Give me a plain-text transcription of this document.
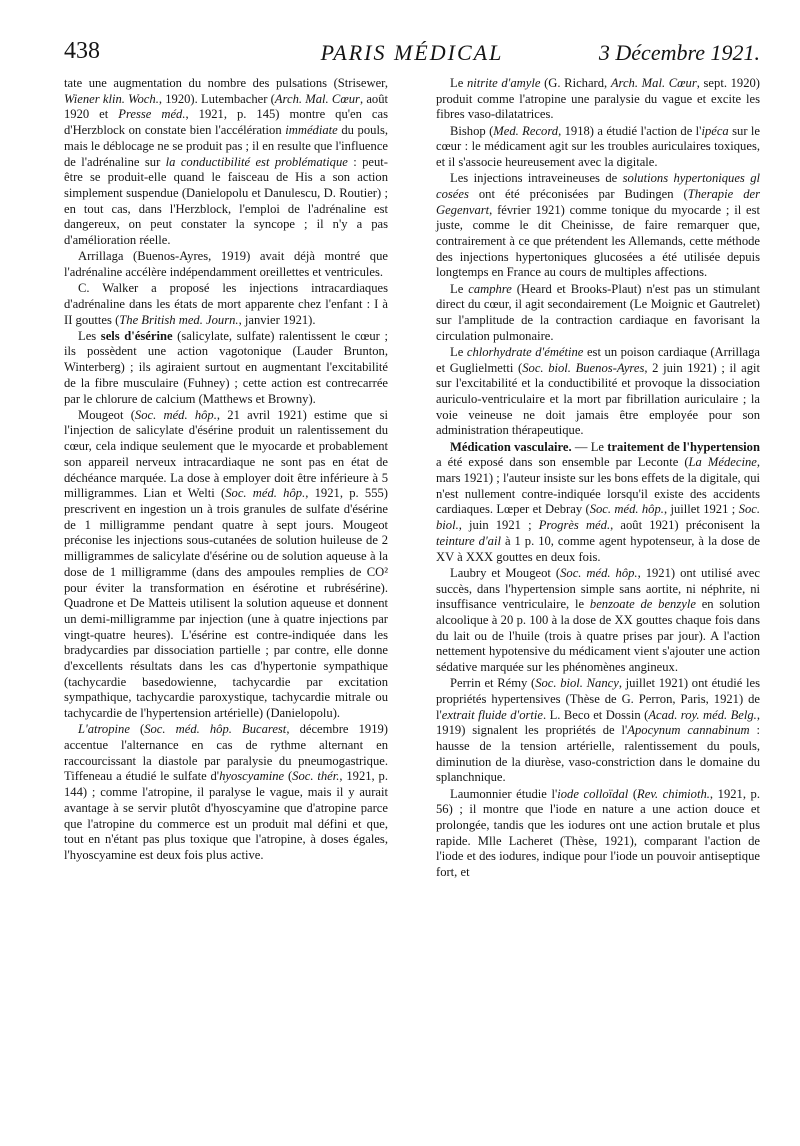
438	PARIS MÉDICAL	3 Décembre 1921.

tate une augmentation du nombre des pulsations (Strisewer, Wiener klin. Woch., 1920). Lutembacher (Arch. Mal. Cœur, août 1920 et Presse méd., 1921, p. 145) montre qu'en cas d'Herzblock on constate bien l'accélération immédiate du pouls, mais le déblocage ne se produit pas ; il en resulte que l'influence de l'adrénaline sur la conductibilité est problématique : peut-être se produit-elle quand le faisceau de His a son action simplement suspendue (Danielopolu et Danulescu, D. Routier) ; en tout cas, dans l'Herzblock, l'emploi de l'adrénaline est dangereux, on peut constater la syncope ; il n'y a pas d'amélioration réelle.

Arrillaga (Buenos-Ayres, 1919) avait déjà montré que l'adrénaline accélère indépendamment oreillettes et ventricules.

C. Walker a proposé les injections intracardiaques d'adrénaline dans les états de mort apparente chez l'enfant : I à II gouttes (The British med. Journ., janvier 1921).

Les sels d'ésérine (salicylate, sulfate) ralentissent le cœur ; ils possèdent une action vagotonique (Lauder Brunton, Winterberg) ; ils agiraient surtout en augmentant l'excitabilité de la fibre musculaire (Fuhney) ; cette action est contrecarrée par le chlorure de calcium (Matthews et Browny).

Mougeot (Soc. méd. hôp., 21 avril 1921) estime que si l'injection de salicylate d'ésérine produit un ralentissement du cœur, cela indique seulement que le myocarde et probablement son appareil nerveux intracardiaque ne sont pas en état de déchéance marquée. La dose à employer doit être inférieure à 5 milligrammes. Lian et Welti (Soc. méd. hôp., 1921, p. 555) prescrivent en ingestion un à trois granules de sulfate d'ésérine de 1 milligramme pendant quatre à sept jours. Mougeot préconise les injections sous-cutanées de solution huileuse de 2 milligrammes de salicylate d'ésérine ou de solution aqueuse à la dose de 1 milligramme (dans des ampoules remplies de CO² pour éviter la transformation en ésérotine et rubrésérine). Quadrone et De Matteis utilisent la solution aqueuse et donnent un demi-milligramme par injection (une à quatre injections par vingt-quatre heures). L'ésérine est contre-indiquée dans les bradycardies par dissociation partielle ; par contre, elle donne d'excellents résultats dans les cas d'hypertonie sympathique (tachycardie basedowienne, tachycardie par excitation sympathique, tachycardie paroxystique, tachycardie mitrale ou tachycardie de l'hypertension artérielle) (Danielopolu).

L'atropine (Soc. méd. hôp. Bucarest, décembre 1919) accentue l'alternance en cas de rythme alternant en raccourcissant la diastole par paralysie du pneumogastrique. Tiffeneau a étudié le sulfate d'hyoscyamine (Soc. thér., 1921, p. 144) ; comme l'atropine, il paralyse le vague, mais il y aurait avantage à se servir plutôt d'hyoscyamine que d'atropine parce que l'atropine du commerce est un produit mal défini et que, tout en n'étant pas plus toxique que l'atropine, à doses égales, l'hyoscyamine est deux fois plus active.

Le nitrite d'amyle (G. Richard, Arch. Mal. Cœur, sept. 1920) produit comme l'atropine une paralysie du vague et excite les fibres vaso-dilatatrices.

Bishop (Med. Record, 1918) a étudié l'action de l'ipéca sur le cœur : le médicament agit sur les troubles auriculaires toxiques, et il s'associe heureusement avec la digitale.

Les injections intraveineuses de solutions hypertoniques gl cosées ont été préconisées par Budingen (Therapie der Gegenvart, février 1921) comme tonique du myocarde ; il est juste, comme le dit Cheinisse, de faire remarquer que, contrairement à ce que prétendent les Allemands, cette méthode des injections hypertoniques glucosées a été utilisée depuis longtemps en France au cours de multiples affections.

Le camphre (Heard et Brooks-Plaut) n'est pas un stimulant direct du cœur, il agit secondairement (Le Moignic et Gautrelet) sur l'amplitude de la contraction cardiaque en favorisant la circulation pulmonaire.

Le chlorhydrate d'émétine est un poison cardiaque (Arrillaga et Guglielmetti (Soc. biol. Buenos-Ayres, 2 juin 1921) ; il agit sur l'excitabilité et la conductibilité et provoque la dissociation auriculo-ventriculaire et la mort par fibrillation auriculaire ; la voie veineuse ne doit jamais être employée pour son administration thérapeutique.

Médication vasculaire. — Le traitement de l'hypertension a été exposé dans son ensemble par Leconte (La Médecine, mars 1921) ; l'auteur insiste sur les bons effets de la digitale, qui n'est nullement contre-indiquée lorsqu'il existe des accidents cardiaques. Lœper et Debray (Soc. méd. hôp., juillet 1921 ; Soc. biol., juin 1921 ; Progrès méd., août 1921) préconisent la teinture d'ail à 1 p. 10, comme agent hypotenseur, à la dose de XV à XXX gouttes en deux fois.

Laubry et Mougeot (Soc. méd. hôp., 1921) ont utilisé avec succès, dans l'hypertension simple sans aortite, ni néphrite, ni insuffisance ventriculaire, le benzoate de benzyle en solution alcoolique à 20 p. 100 à la dose de XX gouttes chaque fois dans du lait ou de l'huile (trois à quatre prises par jour). A l'action nettement hypotensive du médicament vient s'ajouter une action sédative marquée sur les phénomènes angineux.

Perrin et Rémy (Soc. biol. Nancy, juillet 1921) ont étudié les propriétés hypertensives (Thèse de G. Perron, Paris, 1921) de l'extrait fluide d'ortie. L. Beco et Dossin (Acad. roy. méd. Belg., 1919) signalent les propriétés de l'Apocynum cannabinum : hausse de la tension artérielle, ralentissement du pouls, diminution de la diurèse, vaso-constriction dans le domaine du splanchnique.

Laumonnier étudie l'iode colloïdal (Rev. chimioth., 1921, p. 56) ; il montre que l'iode en nature a une action douce et prolongée, tandis que les iodures ont une action brutale et plus rapide. Mlle Lacheret (Thèse, 1921), comparant l'action de l'iode et des iodures, indique pour l'iode un pouvoir antiseptique fort, et
